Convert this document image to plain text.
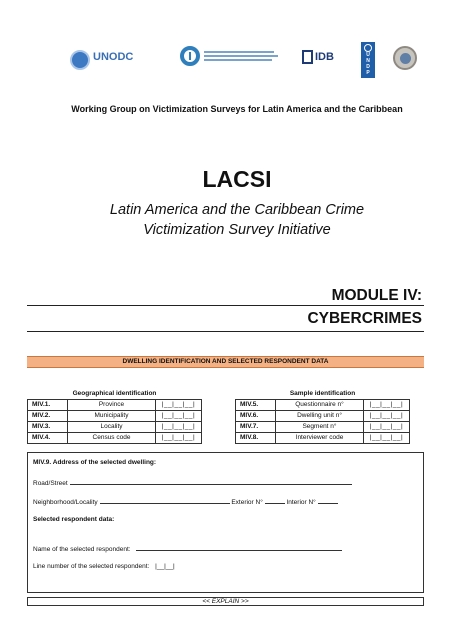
UNODC
	IDB	U
N
D
P
Working Group on Victimization Surveys for Latin America and the Caribbean
LACSI
Latin America and the Caribbean Crime
Victimization Survey Initiative
MODULE IV:
CYBERCRIMES
DWELLING IDENTIFICATION AND SELECTED RESPONDENT DATA
Geographical identification		
MIV.1.	Province	|__|__|__|
MIV.2.	Municipality	|__|__|__|
MIV.3.	Locality	|__|__|__|
MIV.4.	Census code	|__|__|__|
Sample identification		
MIV.5.	Questionnaire n°	|__|__|__|
MIV.6.	Dwelling unit n°	|__|__|__|
MIV.7.	Segment n°	|__|__|__|
MIV.8.	Interviewer code	|__|__|__|
MIV.9. Address of the selected dwelling:
Road/Street
Neighborhood/Locality	Exterior N°	Interior N°
Selected respondent data:
Name of the selected respondent:
Line number of the selected respondent: |__|__|
<< EXPLAIN >>
